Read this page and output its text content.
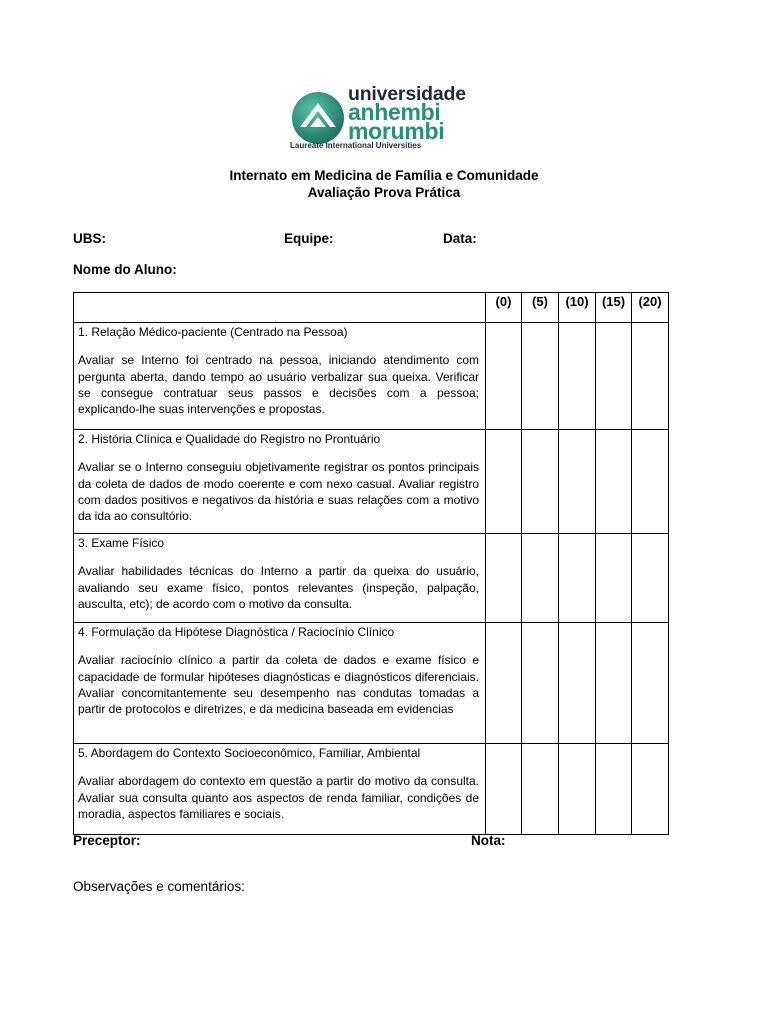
universidade
anhembi
morumbi
Laureate International Universities
Internato em Medicina de Família e Comunidade
Avaliação Prova Prática
UBS:	Equipe:	Data:
Nome do Aluno:
	(0)	(5)	(10)	(15)	(20)

1. Relação Médico-paciente (Centrado na Pessoa)

Avaliar se Interno foi centrado na pessoa, iniciando atendimento com pergunta aberta, dando tempo ao usuário verbalizar sua queixa. Verificar se consegue contratuar seus passos e decisões com a pessoa; explicando-lhe suas intervenções e propostas.					

2. História Clínica e Qualidade do Registro no Prontuário

Avaliar se o Interno conseguiu objetivamente registrar os pontos principais da coleta de dados de modo coerente e com nexo casual. Avaliar registro com dados positivos e negativos da história e suas relações com a motivo da ida ao consultório.					

3. Exame Físico

Avaliar habilidades técnicas do Interno a partir da queixa do usuário, avaliando seu exame físico, pontos relevantes (inspeção, palpação, ausculta, etc); de acordo com o motivo da consulta.					

4. Formulação da Hipótese Diagnóstica / Raciocínio Clínico

Avaliar raciocínio clínico a partir da coleta de dados e exame físico e capacidade de formular hipóteses diagnósticas e diagnósticos diferenciais. Avaliar concomitantemente seu desempenho nas condutas tomadas a partir de protocolos e diretrizes, e da medicina baseada em evidencias					

5. Abordagem do Contexto Socioeconômico, Familiar, Ambiental

Avaliar abordagem do contexto em questão a partir do motivo da consulta. Avaliar sua consulta quanto aos aspectos de renda familiar, condições de moradia, aspectos familiares e sociais.					

Preceptor:	Nota:
Observações e comentários:
